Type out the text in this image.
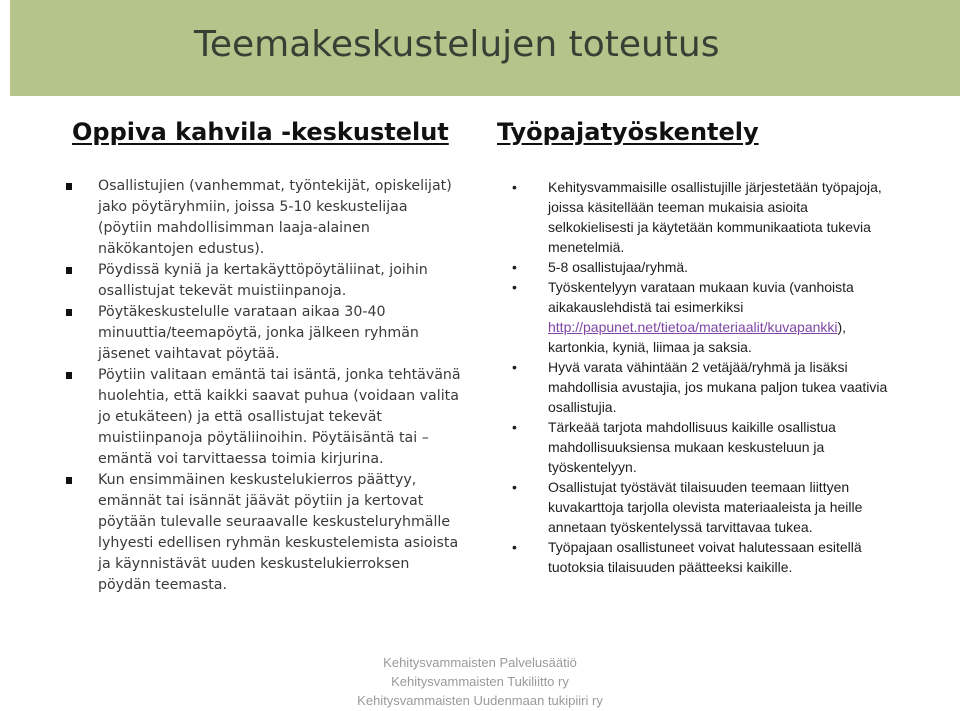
Teemakeskustelujen toteutus
Oppiva kahvila -keskustelut Työpajatyöskentely
Osallistujien (vanhemmat, työntekijät, opiskelijat) jako pöytäryhmiin, joissa 5-10 keskustelijaa (pöytiin mahdollisimman laaja-alainen näkökantojen edustus).
Pöydissä kyniä ja kertakäyttöpöytäliinat, joihin osallistujat tekevät muistiinpanoja.
Pöytäkeskustelulle varataan aikaa 30-40 minuuttia/teemapöytä, jonka jälkeen ryhmän jäsenet vaihtavat pöytää.
Pöytiin valitaan emäntä tai isäntä, jonka tehtävänä huolehtia, että kaikki saavat puhua (voidaan valita jo etukäteen) ja että osallistujat tekevät muistiinpanoja pöytäliinoihin. Pöytäisäntä tai –emäntä voi tarvittaessa toimia kirjurina.
Kun ensimmäinen keskustelukierros päättyy, emännät tai isännät jäävät pöytiin ja kertovat pöytään tulevalle seuraavalle keskusteluryhmälle lyhyesti edellisen ryhmän keskustelemista asioista ja käynnistävät uuden keskustelukierroksen pöydän teemasta.
• Kehitysvammaisille osallistujille järjestetään työpajoja, joissa käsitellään teeman mukaisia asioita selkokielisesti ja käytetään kommunikaatiota tukevia menetelmiä.
• 5-8 osallistujaa/ryhmä.
• Työskentelyyn varataan mukaan kuvia (vanhoista aikakauslehdistä tai esimerkiksi http://papunet.net/tietoa/materiaalit/kuvapankki), kartonkia, kyniä, liimaa ja saksia.
• Hyvä varata vähintään 2 vetäjää/ryhmä ja lisäksi mahdollisia avustajia, jos mukana paljon tukea vaativia osallistujia.
• Tärkeää tarjota mahdollisuus kaikille osallistua mahdollisuuksiensa mukaan keskusteluun ja työskentelyyn.
• Osallistujat työstävät tilaisuuden teemaan liittyen kuvakarttoja tarjolla olevista materiaaleista ja heille annetaan työskentelyssä tarvittavaa tukea.
• Työpajaan osallistuneet voivat halutessaan esitellä tuotoksia tilaisuuden päätteeksi kaikille.
Kehitysvammaisten Palvelusäätiö
Kehitysvammaisten Tukiliitto ry
Kehitysvammaisten Uudenmaan tukipiiri ry
